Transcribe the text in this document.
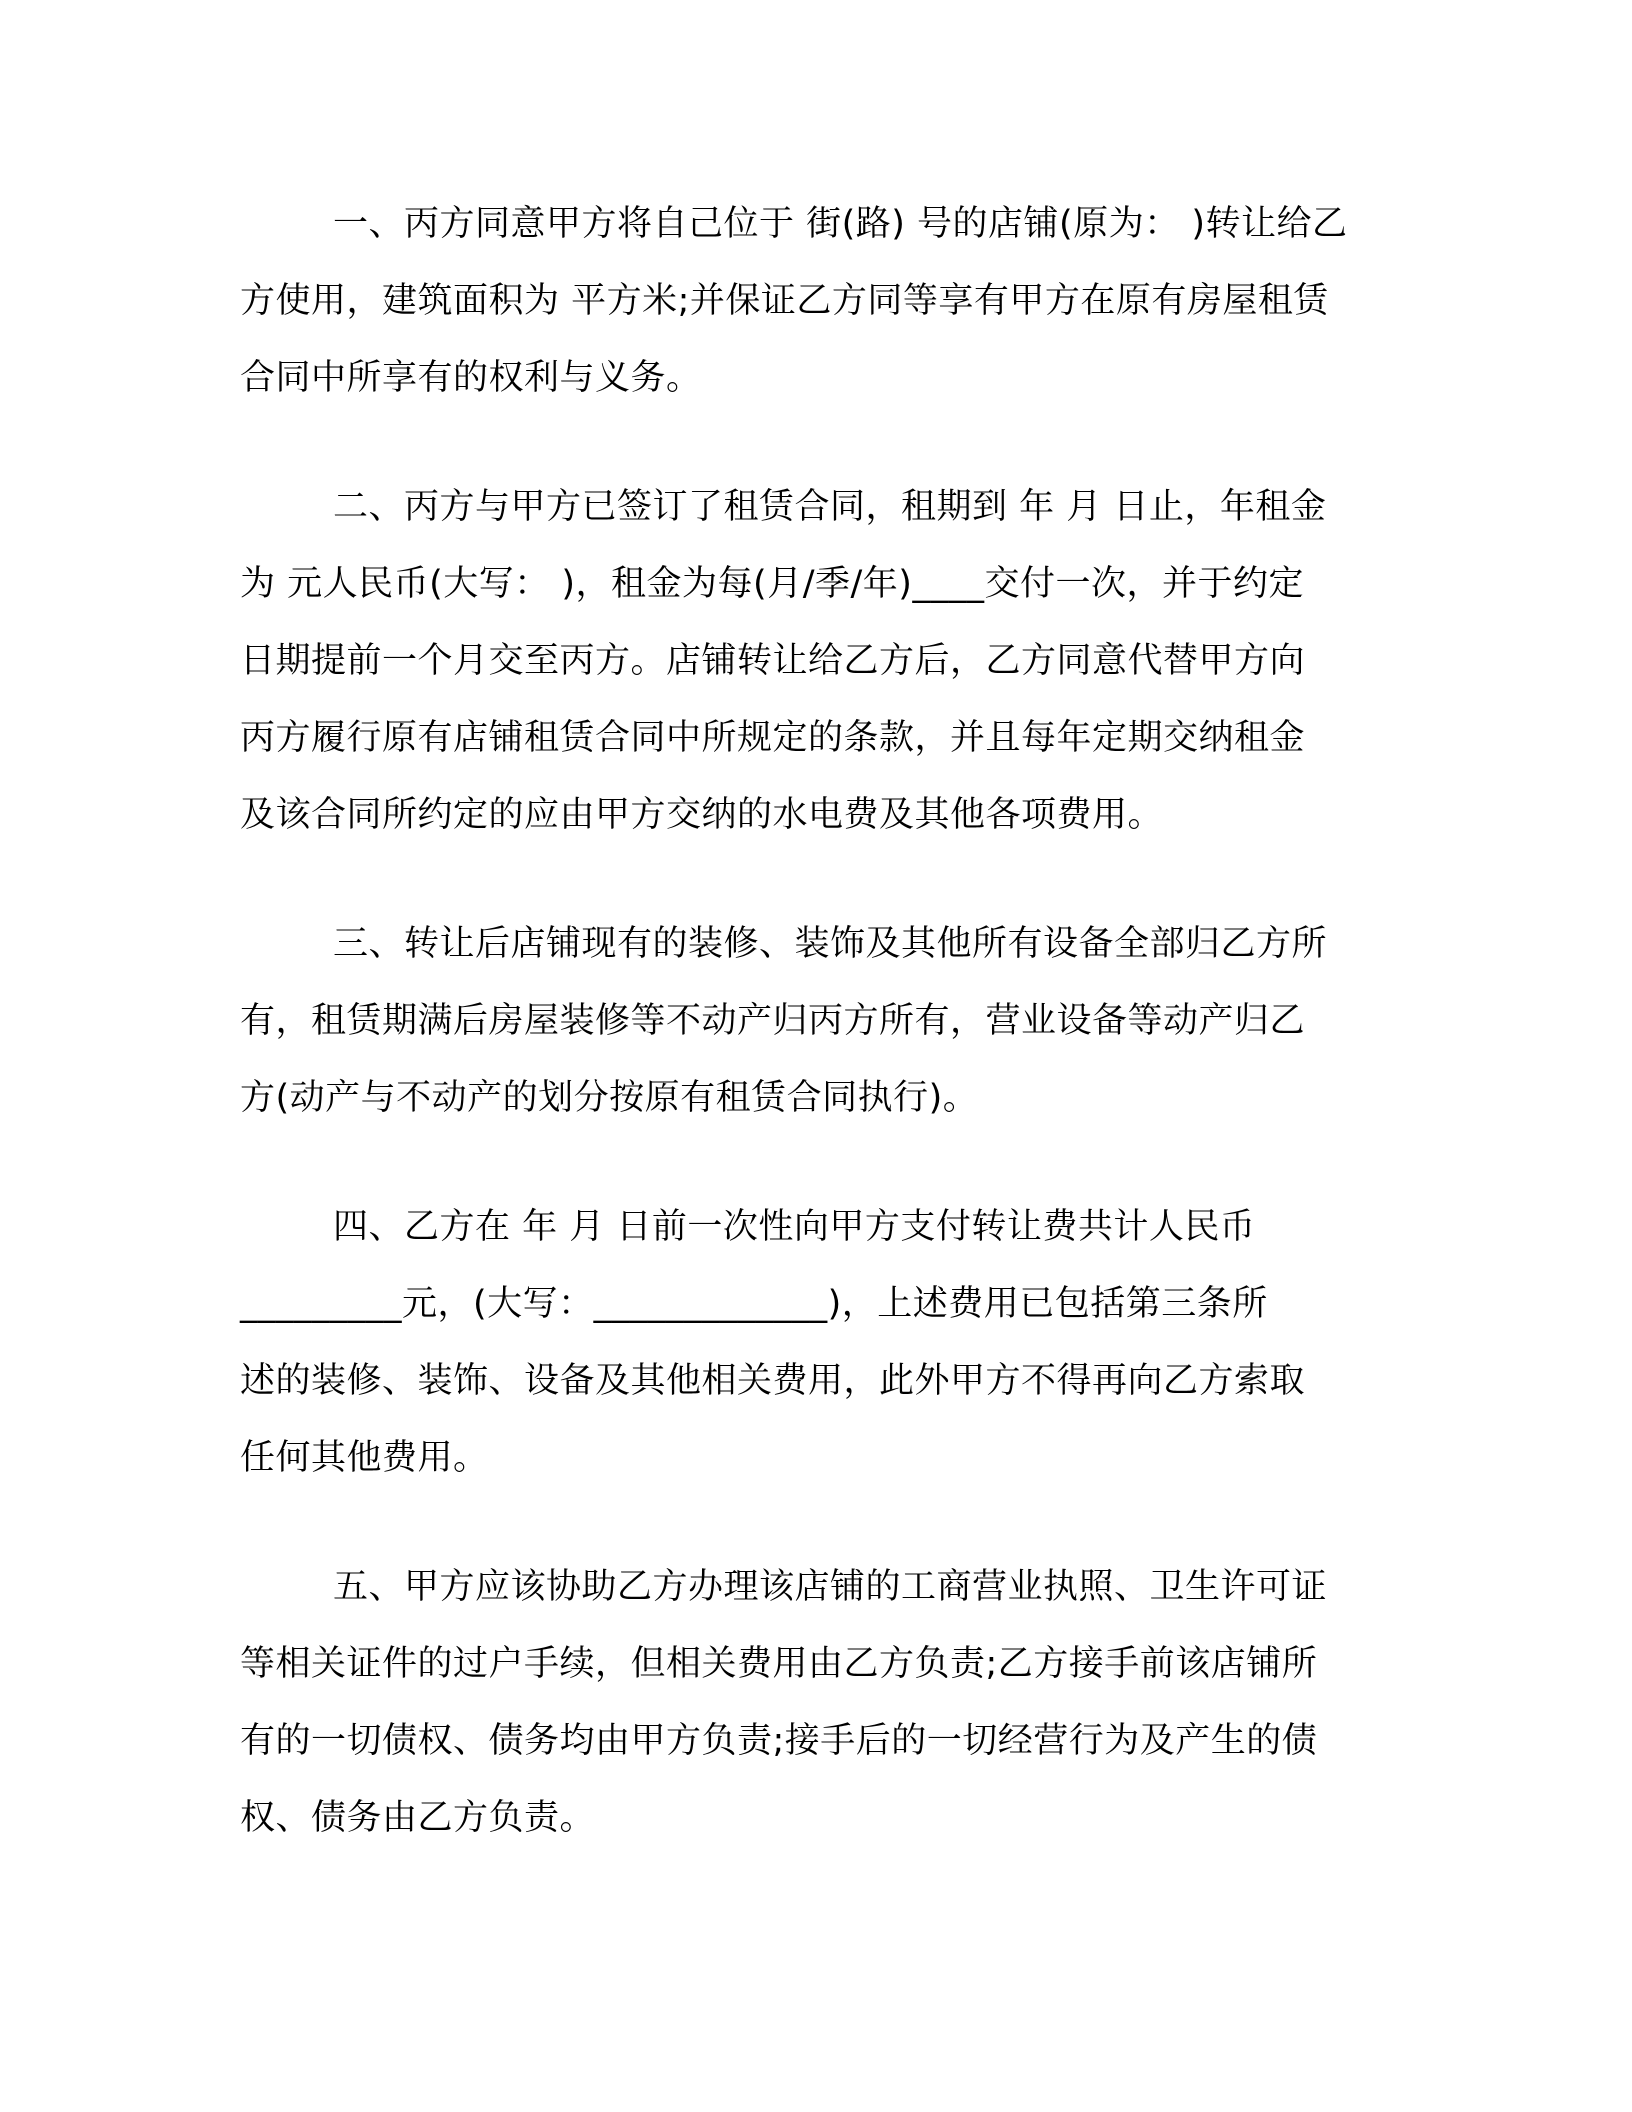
一、丙方同意甲方将自己位于 街(路) 号的店铺(原为： )转让给乙
方使用，建筑面积为 平方米;并保证乙方同等享有甲方在原有房屋租赁
合同中所享有的权利与义务。
二、丙方与甲方已签订了租赁合同，租期到 年 月 日止，年租金
为 元人民币(大写： )，租金为每(月/季/年)____交付一次，并于约定
日期提前一个月交至丙方。店铺转让给乙方后，乙方同意代替甲方向
丙方履行原有店铺租赁合同中所规定的条款，并且每年定期交纳租金
及该合同所约定的应由甲方交纳的水电费及其他各项费用。
三、转让后店铺现有的装修、装饰及其他所有设备全部归乙方所
有，租赁期满后房屋装修等不动产归丙方所有，营业设备等动产归乙
方(动产与不动产的划分按原有租赁合同执行)。
四、乙方在 年 月 日前一次性向甲方支付转让费共计人民币
_________元，(大写：_____________)，上述费用已包括第三条所
述的装修、装饰、设备及其他相关费用，此外甲方不得再向乙方索取
任何其他费用。
五、甲方应该协助乙方办理该店铺的工商营业执照、卫生许可证
等相关证件的过户手续，但相关费用由乙方负责;乙方接手前该店铺所
有的一切债权、债务均由甲方负责;接手后的一切经营行为及产生的债
权、债务由乙方负责。
